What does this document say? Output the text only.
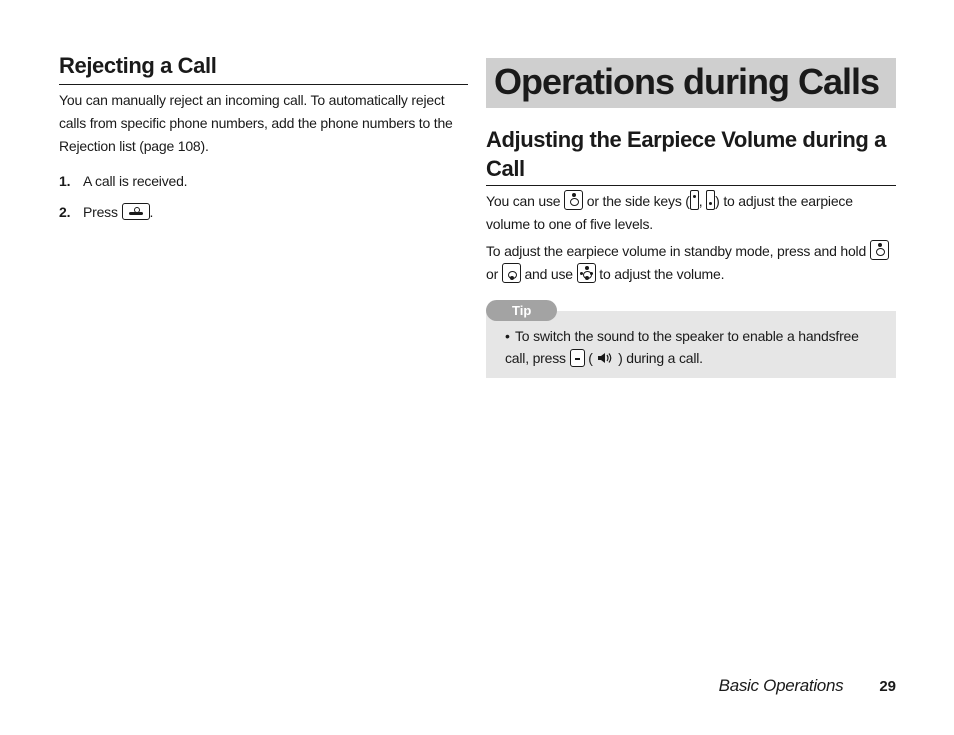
Rejecting a Call

You can manually reject an incoming call. To automatically reject calls from specific phone numbers, add the phone numbers to the Rejection list (page 108).

1. A call is received.
2. Press .
Operations during Calls
Adjusting the Earpiece Volume during a Call

You can use or the side keys ( , ) to adjust the earpiece volume to one of five levels.

To adjust the earpiece volume in standby mode, press and hold
or and use to adjust the volume.

Tip
• To switch the sound to the speaker to enable a handsfree call, press ( ) during a call.
Basic Operations 29
